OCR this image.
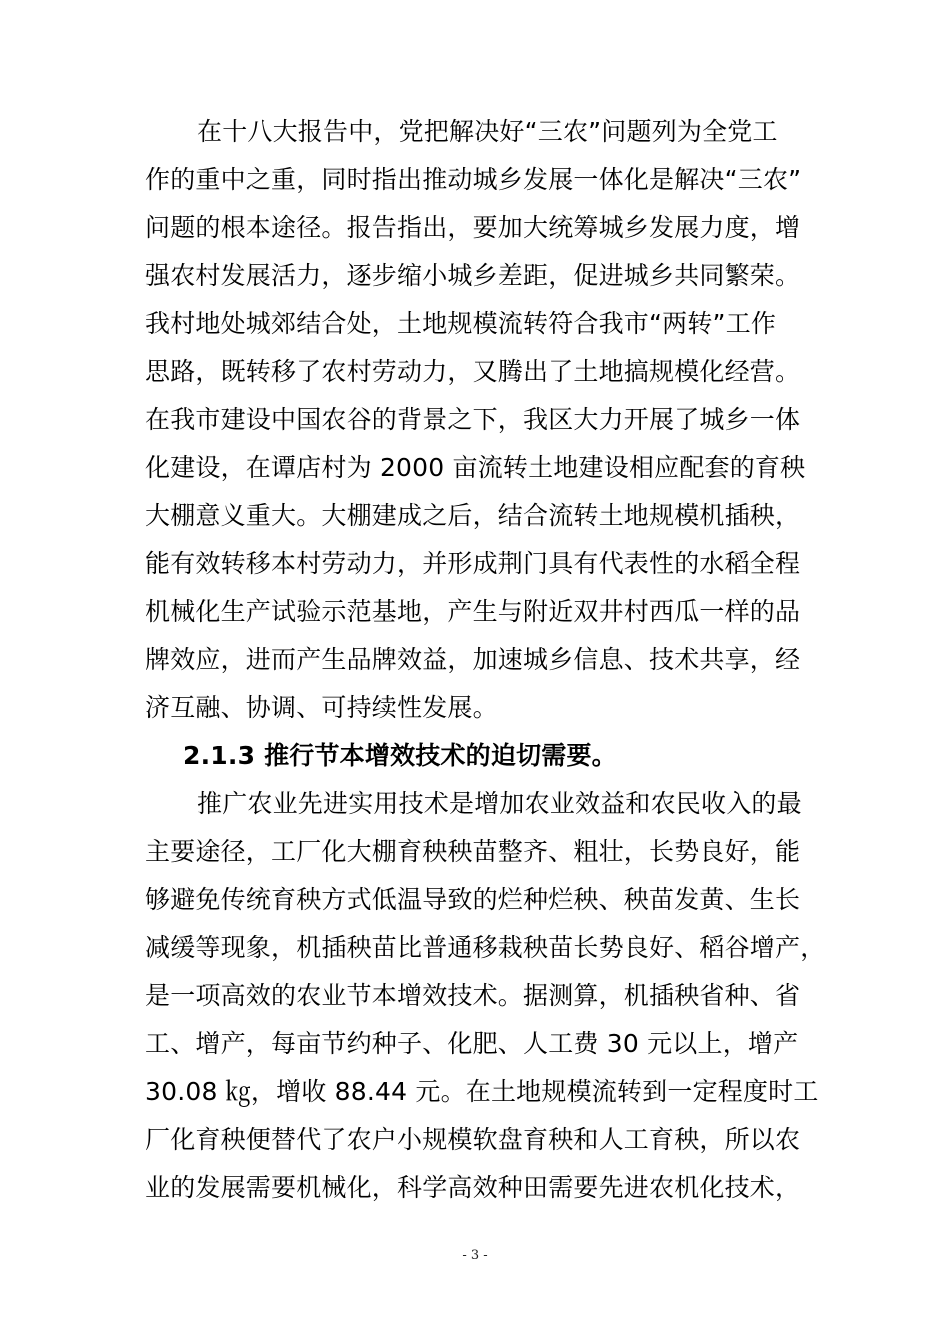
在十八大报告中，党把解决好“三农”问题列为全党工
作的重中之重，同时指出推动城乡发展一体化是解决“三农”
问题的根本途径。报告指出，要加大统筹城乡发展力度，增
强农村发展活力，逐步缩小城乡差距，促进城乡共同繁荣。
我村地处城郊结合处，土地规模流转符合我市“两转”工作
思路，既转移了农村劳动力，又腾出了土地搞规模化经营。
在我市建设中国农谷的背景之下，我区大力开展了城乡一体
化建设，在谭店村为 2000 亩流转土地建设相应配套的育秧
大棚意义重大。大棚建成之后，结合流转土地规模机插秧，
能有效转移本村劳动力，并形成荆门具有代表性的水稻全程
机械化生产试验示范基地，产生与附近双井村西瓜一样的品
牌效应，进而产生品牌效益，加速城乡信息、技术共享，经
济互融、协调、可持续性发展。
2.1.3 推行节本增效技术的迫切需要。
推广农业先进实用技术是增加农业效益和农民收入的最
主要途径，工厂化大棚育秧秧苗整齐、粗壮，长势良好，能
够避免传统育秧方式低温导致的烂种烂秧、秧苗发黄、生长
减缓等现象，机插秧苗比普通移栽秧苗长势良好、稻谷增产，
是一项高效的农业节本增效技术。据测算，机插秧省种、省
工、增产，每亩节约种子、化肥、人工费 30 元以上，增产
30.08 ㎏，增收 88.44 元。在土地规模流转到一定程度时工
厂化育秧便替代了农户小规模软盘育秧和人工育秧，所以农
业的发展需要机械化，科学高效种田需要先进农机化技术，
- 3 -
